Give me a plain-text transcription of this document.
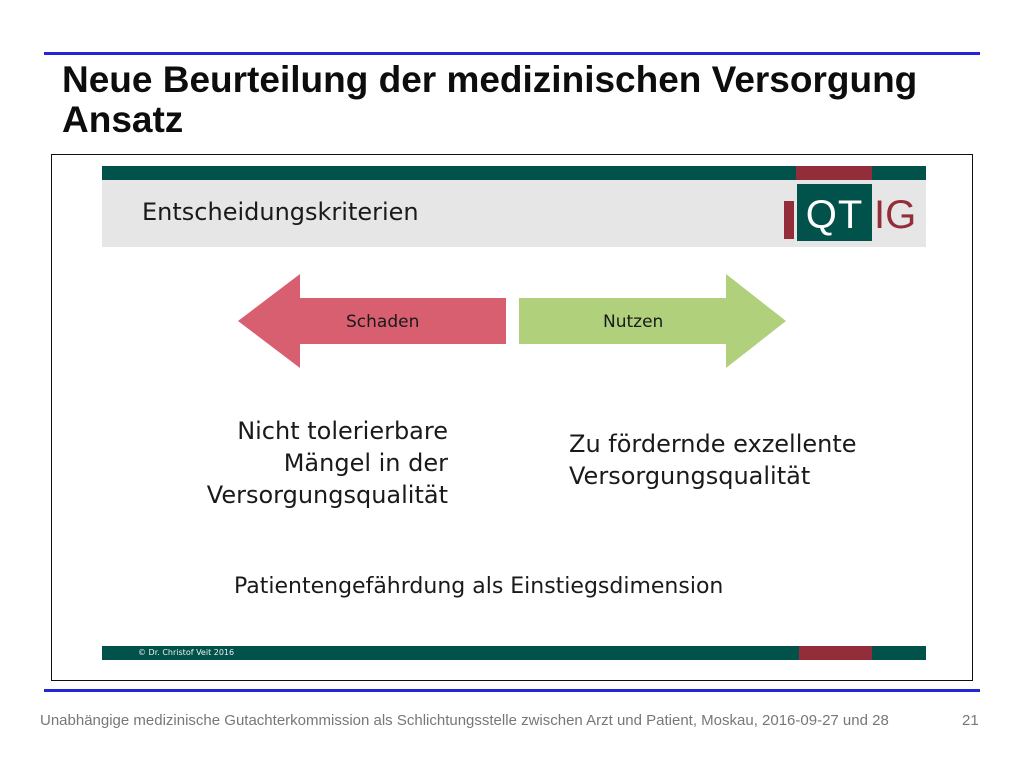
Neue Beurteilung der medizinischen Versorgung
Ansatz
Entscheidungskriterien	QT IG
Schaden	Nutzen
Nicht tolerierbare
Mängel in der
Versorgungsqualität
Zu fördernde exzellente
Versorgungsqualität
Patientengefährdung als Einstiegsdimension
© Dr. Christof Veit 2016
Unabhängige medizinische Gutachterkommission als Schlichtungsstelle zwischen Arzt und Patient, Moskau, 2016-09-27 und 28	21
